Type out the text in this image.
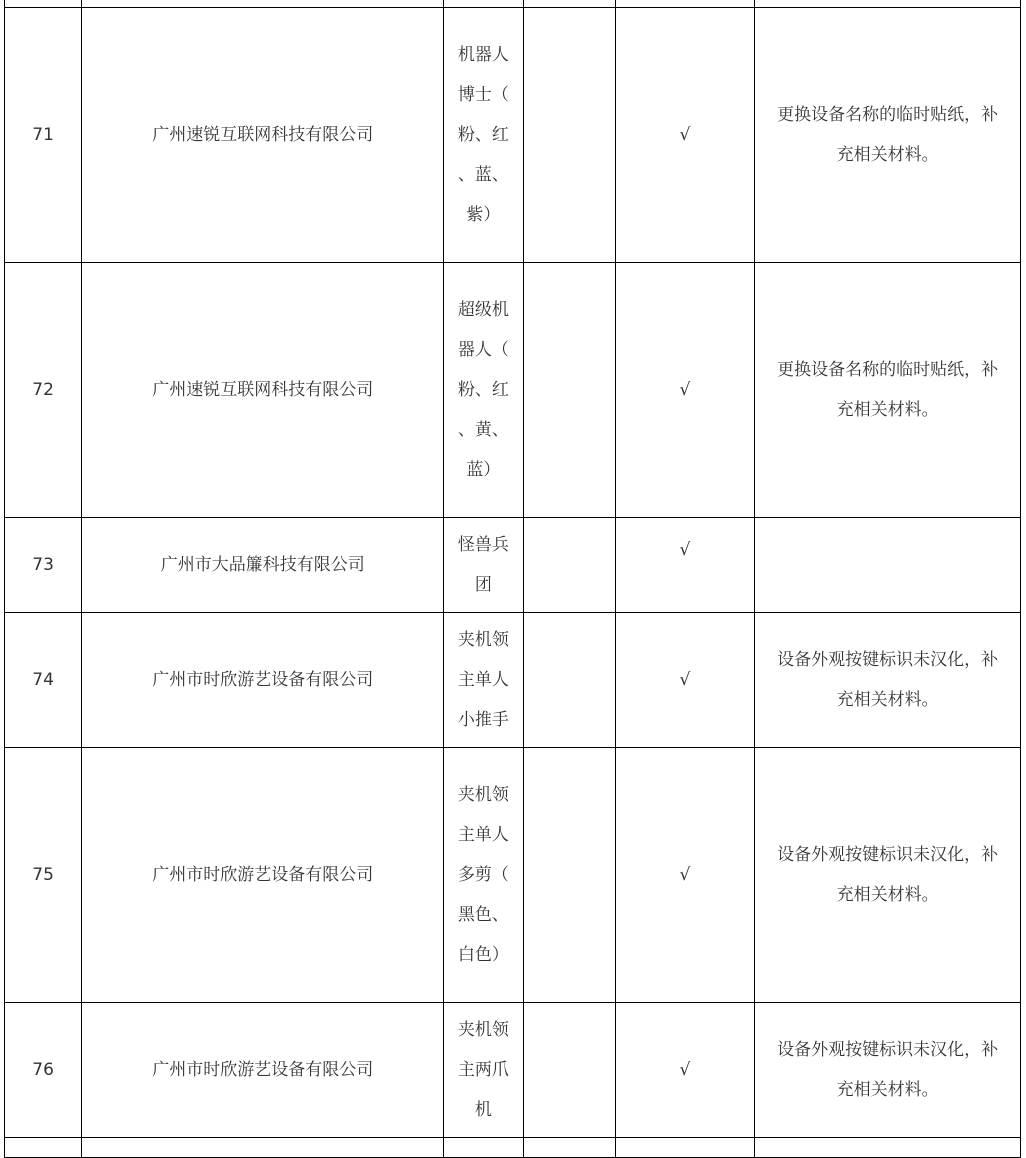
71	广州速锐互联网科技有限公司	机器人博士（粉、红、蓝、紫）		√	更换设备名称的临时贴纸，补充相关材料。

72	广州速锐互联网科技有限公司	超级机器人（粉、红、黄、蓝）		√	更换设备名称的临时贴纸，补充相关材料。

73	广州市大品簾科技有限公司	怪兽兵团		√	

74	广州市时欣游艺设备有限公司	夹机领主单人小推手		√	设备外观按键标识未汉化，补充相关材料。

75	广州市时欣游艺设备有限公司	夹机领主单人多剪（黑色、白色）		√	设备外观按键标识未汉化，补充相关材料。

76	广州市时欣游艺设备有限公司	夹机领主两爪机		√	设备外观按键标识未汉化，补充相关材料。
